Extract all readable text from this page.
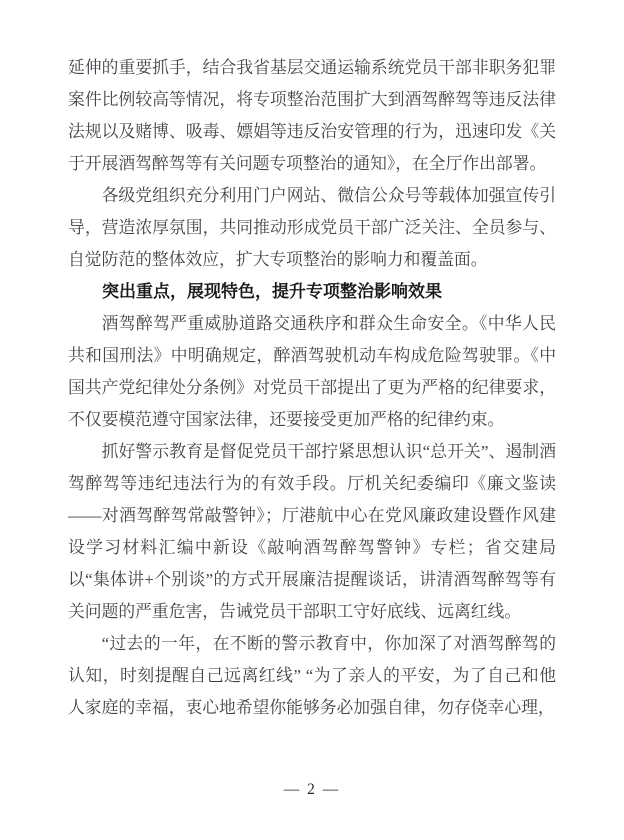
延伸的重要抓手，结合我省基层交通运输系统党员干部非职务犯罪案件比例较高等情况，将专项整治范围扩大到酒驾醉驾等违反法律法规以及赌博、吸毒、嫖娼等违反治安管理的行为，迅速印发《关于开展酒驾醉驾等有关问题专项整治的通知》，在全厅作出部署。

各级党组织充分利用门户网站、微信公众号等载体加强宣传引导，营造浓厚氛围，共同推动形成党员干部广泛关注、全员参与、自觉防范的整体效应，扩大专项整治的影响力和覆盖面。

突出重点，展现特色，提升专项整治影响效果

酒驾醉驾严重威胁道路交通秩序和群众生命安全。《中华人民共和国刑法》中明确规定，醉酒驾驶机动车构成危险驾驶罪。《中国共产党纪律处分条例》对党员干部提出了更为严格的纪律要求，不仅要模范遵守国家法律，还要接受更加严格的纪律约束。

抓好警示教育是督促党员干部拧紧思想认识“总开关”、遏制酒驾醉驾等违纪违法行为的有效手段。厅机关纪委编印《廉文鉴读——对酒驾醉驾常敲警钟》；厅港航中心在党风廉政建设暨作风建设学习材料汇编中新设《敲响酒驾醉驾警钟》专栏；省交建局以“集体讲+个别谈”的方式开展廉洁提醒谈话，讲清酒驾醉驾等有关问题的严重危害，告诫党员干部职工守好底线、远离红线。

“过去的一年，在不断的警示教育中，你加深了对酒驾醉驾的认知，时刻提醒自己远离红线” “为了亲人的平安，为了自己和他人家庭的幸福，衷心地希望你能够务必加强自律，勿存侥幸心理，

— 2 —
